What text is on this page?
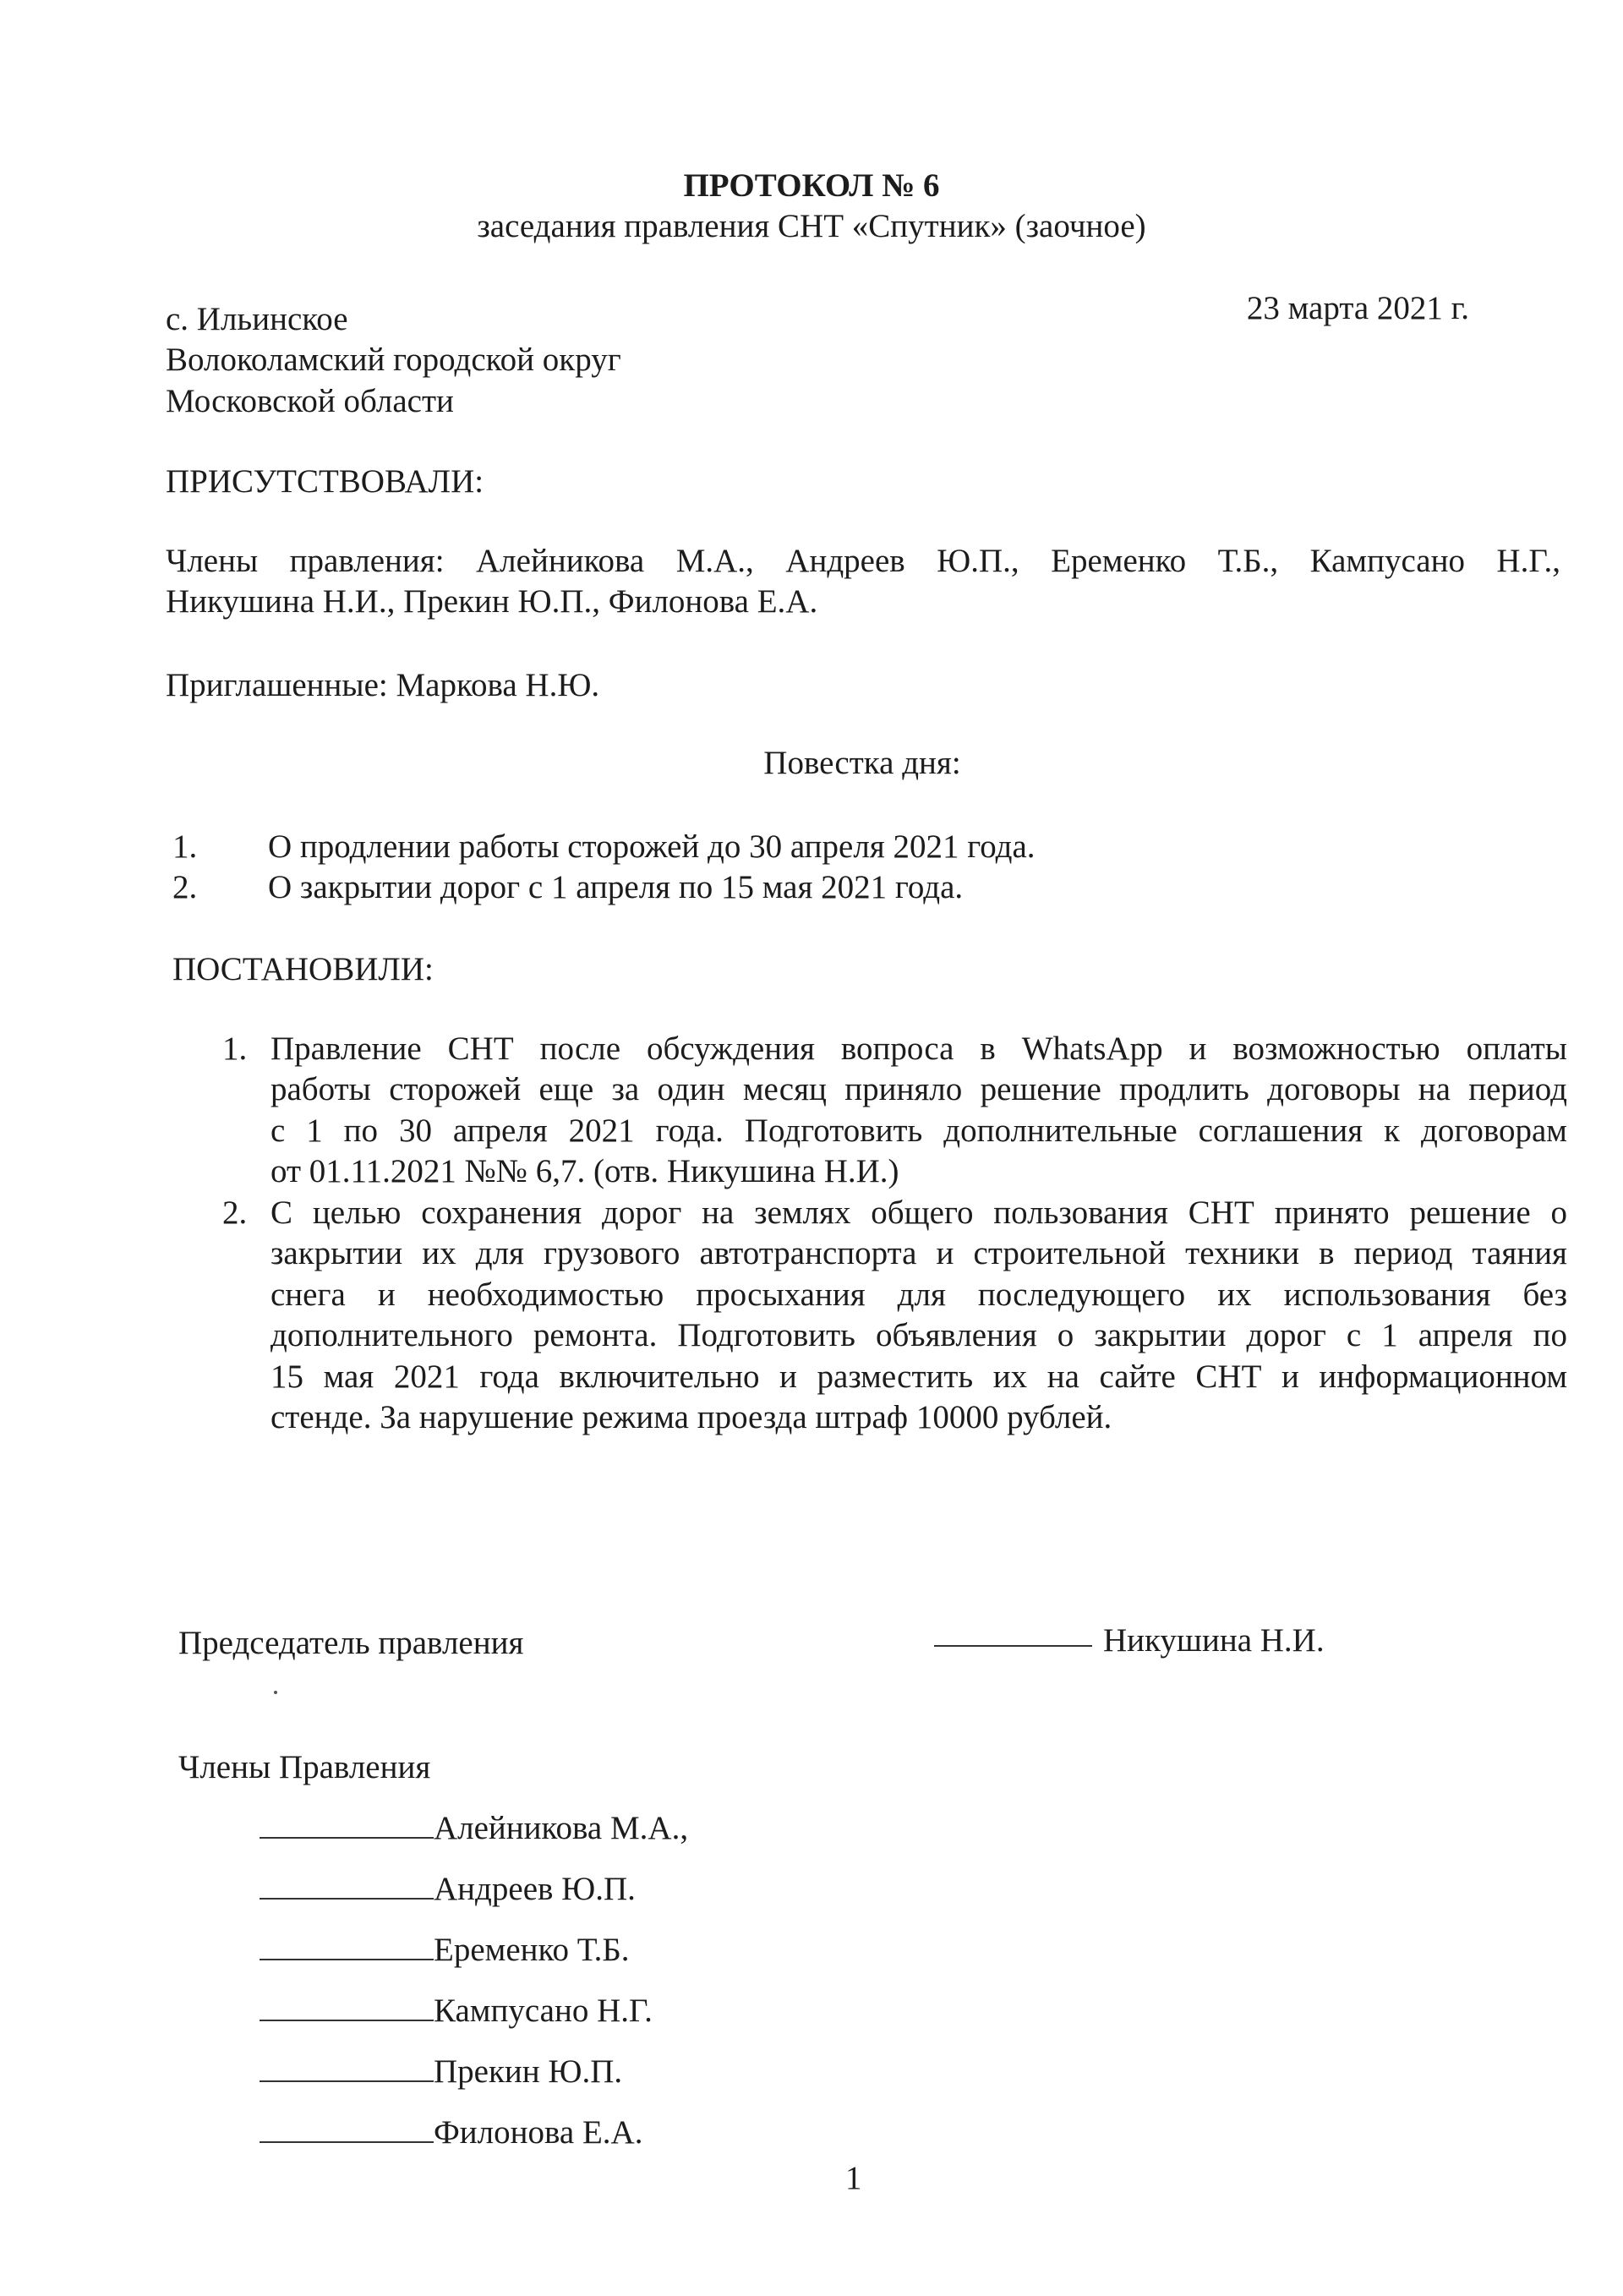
ПРОТОКОЛ № 6
заседания правления СНТ «Спутник» (заочное)
23 марта 2021 г.
с. Ильинское
Волоколамский городской округ
Московской области
ПРИСУТСТВОВАЛИ:
Члены правления: Алейникова М.А., Андреев Ю.П., Еременко Т.Б., Кампусано Н.Г.,
Никушина Н.И., Прекин Ю.П., Филонова Е.А.
Приглашенные: Маркова Н.Ю.
Повестка дня:
1. О продлении работы сторожей до 30 апреля 2021 года.
2. О закрытии дорог с 1 апреля по 15 мая 2021 года.
ПОСТАНОВИЛИ:
1. Правление СНТ после обсуждения вопроса в WhatsApp и возможностью оплаты
работы сторожей еще за один месяц приняло решение продлить договоры на период
с 1 по 30 апреля 2021 года. Подготовить дополнительные соглашения к договорам
от 01.11.2021 №№ 6,7. (отв. Никушина Н.И.)
2. С целью сохранения дорог на землях общего пользования СНТ принято решение о
закрытии их для грузового автотранспорта и строительной техники в период таяния
снега и необходимостью просыхания для последующего их использования без
дополнительного ремонта. Подготовить объявления о закрытии дорог с 1 апреля по
15 мая 2021 года включительно и разместить их на сайте СНТ и информационном
стенде. За нарушение режима проезда штраф 10000 рублей.
Председатель правления	Никушина Н.И.
Члены Правления
Алейникова М.А.,
Андреев Ю.П.
Еременко Т.Б.
Кампусано Н.Г.
Прекин Ю.П.
Филонова Е.А.
1
